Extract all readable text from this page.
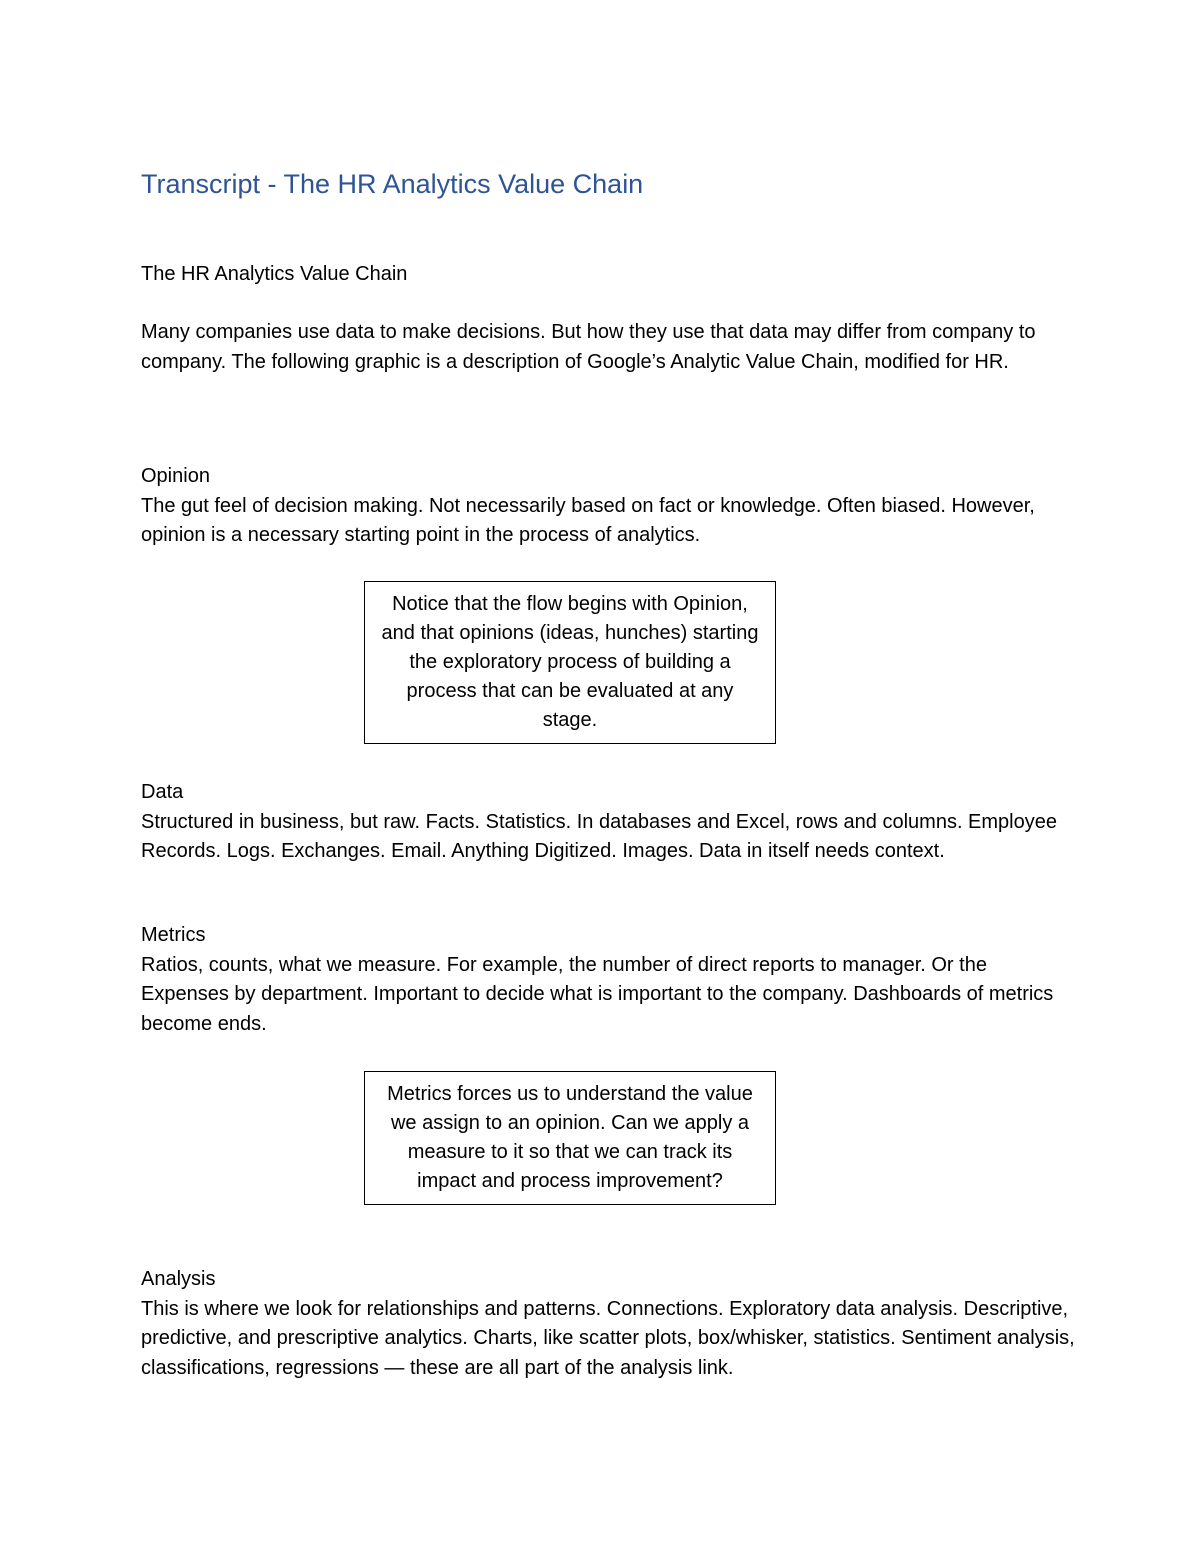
Transcript - The HR Analytics Value Chain

The HR Analytics Value Chain

Many companies use data to make decisions. But how they use that data may differ from company to company. The following graphic is a description of Google’s Analytic Value Chain, modified for HR.

Opinion

The gut feel of decision making. Not necessarily based on fact or knowledge. Often biased. However, opinion is a necessary starting point in the process of analytics.

Notice that the flow begins with Opinion, and that opinions (ideas, hunches) starting the exploratory process of building a process that can be evaluated at any stage.

Data

Structured in business, but raw. Facts. Statistics. In databases and Excel, rows and columns. Employee Records. Logs. Exchanges. Email. Anything Digitized. Images. Data in itself needs context.

Metrics

Ratios, counts, what we measure. For example, the number of direct reports to manager. Or the Expenses by department. Important to decide what is important to the company. Dashboards of metrics become ends.

Metrics forces us to understand the value we assign to an opinion. Can we apply a measure to it so that we can track its impact and process improvement?

Analysis

This is where we look for relationships and patterns. Connections. Exploratory data analysis. Descriptive, predictive, and prescriptive analytics. Charts, like scatter plots, box/whisker, statistics. Sentiment analysis, classifications, regressions — these are all part of the analysis link.
